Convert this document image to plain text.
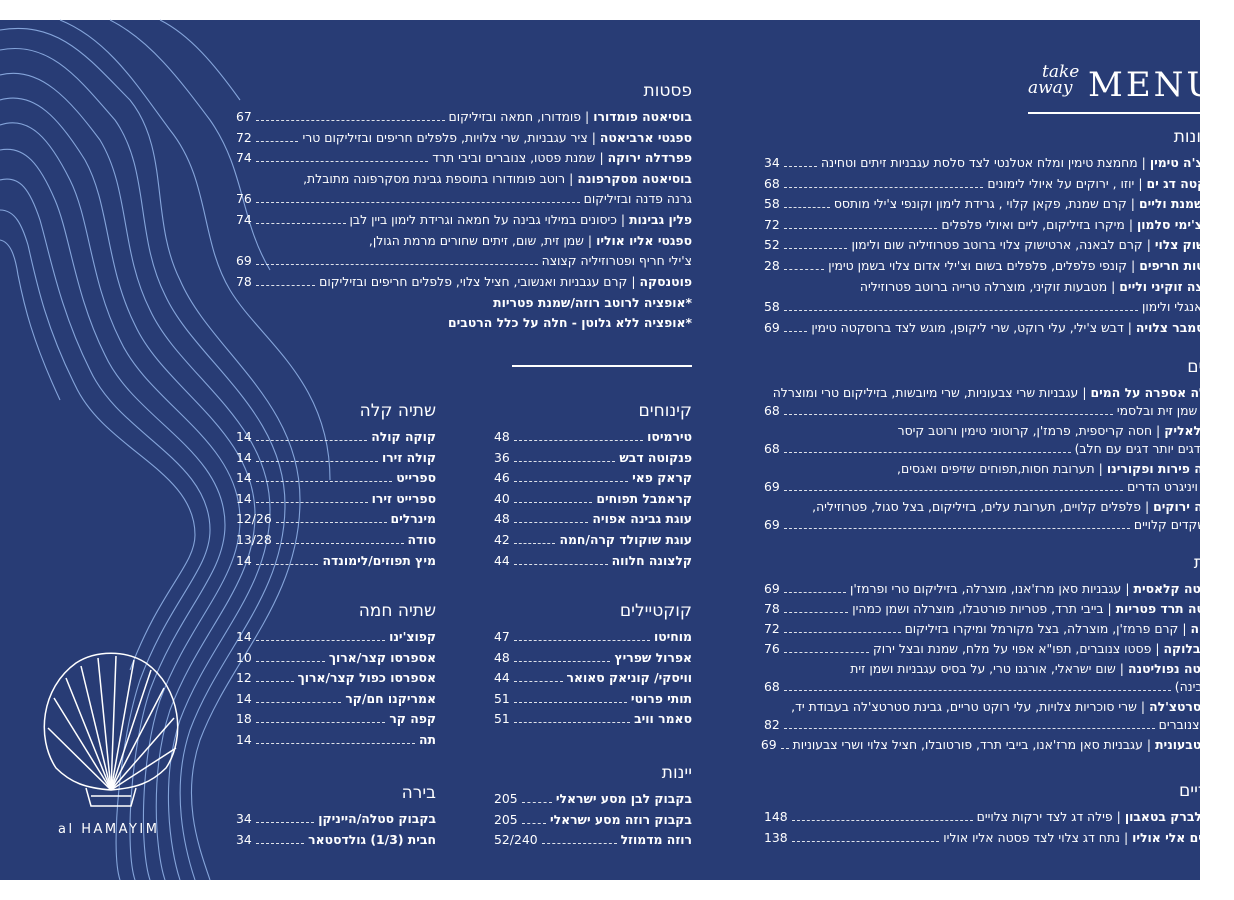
al HAMAYIM
take
away MENU
פסטות
בוסיאטה פומדורו
|
פומדורו, חמאה ובזיליקום
67
ספגטי ארביאטה
|
ציר עגבניות, שרי צלויות, פלפלים חריפים ובזיליקום טרי
72
פפרדלה ירוקה
|
שמנת פסטו, צנוברים וביבי תרד
74
בוסיאטה מסקרפונה
|
רוטב פומודורו בתוספת גבינת מסקרפונה מתובלת,
גרנה פדנה ובזיליקום
76
פלין גבינות
|
כיסונים במילוי גבינה על חמאה וגרידת לימון ביין לבן
74
ספגטי אליו אוליו
|
שמן זית, שום, זיתים שחורים מרמת הגולן,
צ'ילי חריף ופטרוזיליה קצוצה
69
פוטנסקה
|
קרם עגבניות ואנשובי, חציל צלוי, פלפלים חריפים ובזיליקום
78
*אופציה לרוטב רוזה/שמנת פטריות
*אופציה ללא גלוטן - חלה על כלל הרטבים
קינוחים
טירמיסו
48
פנקוטה דבש
36
קראק פאי
46
קראמבל תפוחים
40
עוגת גבינה אפויה
48
עוגת שוקולד קרה/חמה
42
קלצונה חלווה
44
שתיה קלה
קוקה קולה
14
קולה זירו
14
ספרייט
14
ספרייט זירו
14
מינרלים
12/26
סודה
13/28
מיץ תפוזים/לימונדה
14
קוקטיילים
מוחיטו
47
אפרול שפריץ
48
וויסקי/ קוניאק סאואר
44
תותי פרוטי
51
סאמר וויב
51
שתיה חמה
קפוצ'ינו
14
אספרסו קצר/ארוך
10
אספרסו כפול קצר/ארוך
12
אמריקנו חם/קר
14
קפה קר
18
תה
14
יינות
בקבוק לבן מסע ישראלי
205
בקבוק רוזה מסע ישראלי
205
רוזה מדמוזל
52/240
בירה
בקבוק סטלה/הייניקן
34
חבית (1/3) גולדסטאר
34
ראשונות
פוקאצ'ה טימין
|
מחמצת טימין ומלח אטלנטי לצד סלסת עגבניות זיתים וטחינה
34
ברוסקטה דג ים
|
יוזו , ירוקים על איולי לימונים
68
ניוקי שמנת וליים
|
קרם שמנת, פקאן קלוי , גרידת לימון וקונפי צ'ילי מותסס
58
אראנצ'ימי סלמון
|
מיקרו בזיליקום, ליים ואיולי פלפלים
72
ארטישוק צלוי
|
קרם לבאנה, ארטישוק צלוי ברוטב פטרוזיליה שום ולימון
52
קרוסטות חריפים
|
קונפי פלפלים, פלפלים בשום וצ'ילי אדום צלוי בשמן טימין
28
פוקאצה זוקיני וליים
|
מטבעות זוקיני, מוצרלה טרייה ברוטב פטרוזיליה
ואיולי אנגלי ולימון
58
סלק סמבר צלויה
|
דבש צ'ילי, עלי רוקט, שרי ליקופן, מוגש לצד ברוסקטה טימין
69
סלטים
פנצנלה אספרה על המים
|
עגבניות שרי צבעוניות, שרי מיובשות, בזיליקום טרי ומוצרלה
ברוטב שמן זית ובלסמי
68
קיסר לאליק
|
חסה קריספית, פרמז'ן, קרוטוני טימין ורוטב קיסר
(מכיל דגים יותר דגים עם חלב)
68
מגלינה פירות ופקורינו
|
תערובת חסות,תפוחים שזיפים ואגסים,
פקאן, ויניגרט הדרים
69
מגלינה ירוקים
|
פלפלים קלויים, תערובת עלים, בזיליקום, בצל סגול, פטרוזיליה,
שמן ושקדים קלויים
69
פיצות
מרגריטה קלאסית
|
עגבניות סאן מרז'אנו, מוצרלה, בזיליקום טרי ופרמז'ן
69
פיורנטה תרד פטריות
|
בייבי תרד, פטריות פורטבלו, מוצרלה ושמן כמהין
78
ביאנקה
|
קרם פרמז'ן, מוצרלה, בצל מקורמל ומיקרו בזיליקום
72
פסטו בלוקה
|
פסטו צנוברים, תפו"א אפוי על מלח, שמנת ובצל ירוק
76
מרגריטה נפוליטנה
|
שום ישראלי, אורגנו טרי, על בסיס עגבניות ושמן זית
ללא גבינה)
68
פיצה סרטצ'לה
|
שרי סוכריות צלויות, עלי רוקט טריים, גבינת סטרטצ'לה בעבודת יד,
פסטו וצנוברים
82
פיצה טבעונית
|
עגבניות סאן מרז'אנו, בייבי תרד, פורטובלו, חציל צלוי ושרי צבעוניות
69
עיקריים
פילה לברק בטאבון
|
פילה דג לצד ירקות צלויים
148
פילה ים אלי אוליו
|
נתח דג צלוי לצד פסטה אליו אוליו
138
